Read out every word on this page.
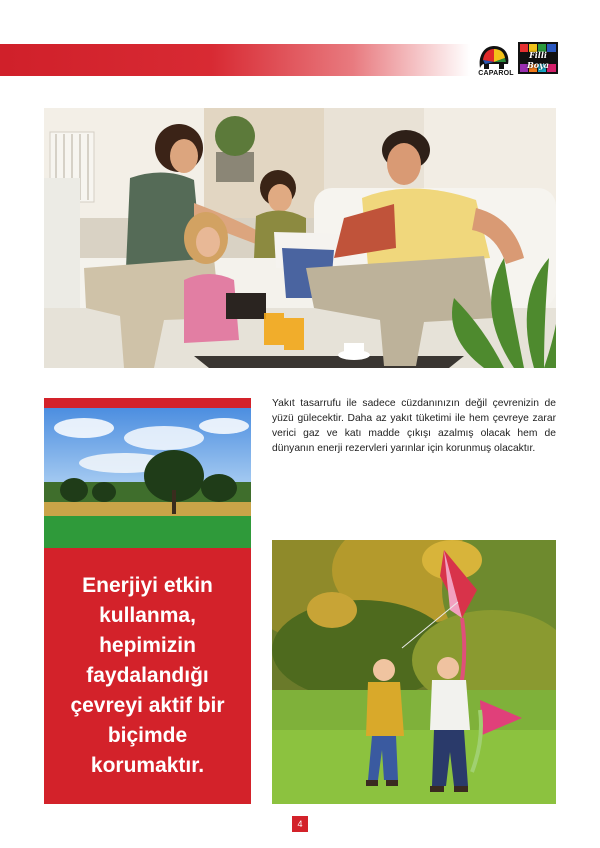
CAPAROL
Filli Boya
Yakıt tasarrufu ile sadece cüzdanınızın değil çevrenizin de yüzü gülecektir. Daha az yakıt tüketimi ile hem çevreye zarar verici gaz ve katı madde çıkışı azalmış olacak hem de dünyanın enerji rezervleri yarınlar için korunmuş olacaktır.
Enerjiyi etkin kullanma, hepimizin faydalandığı çevreyi aktif bir biçimde korumaktır.
4
